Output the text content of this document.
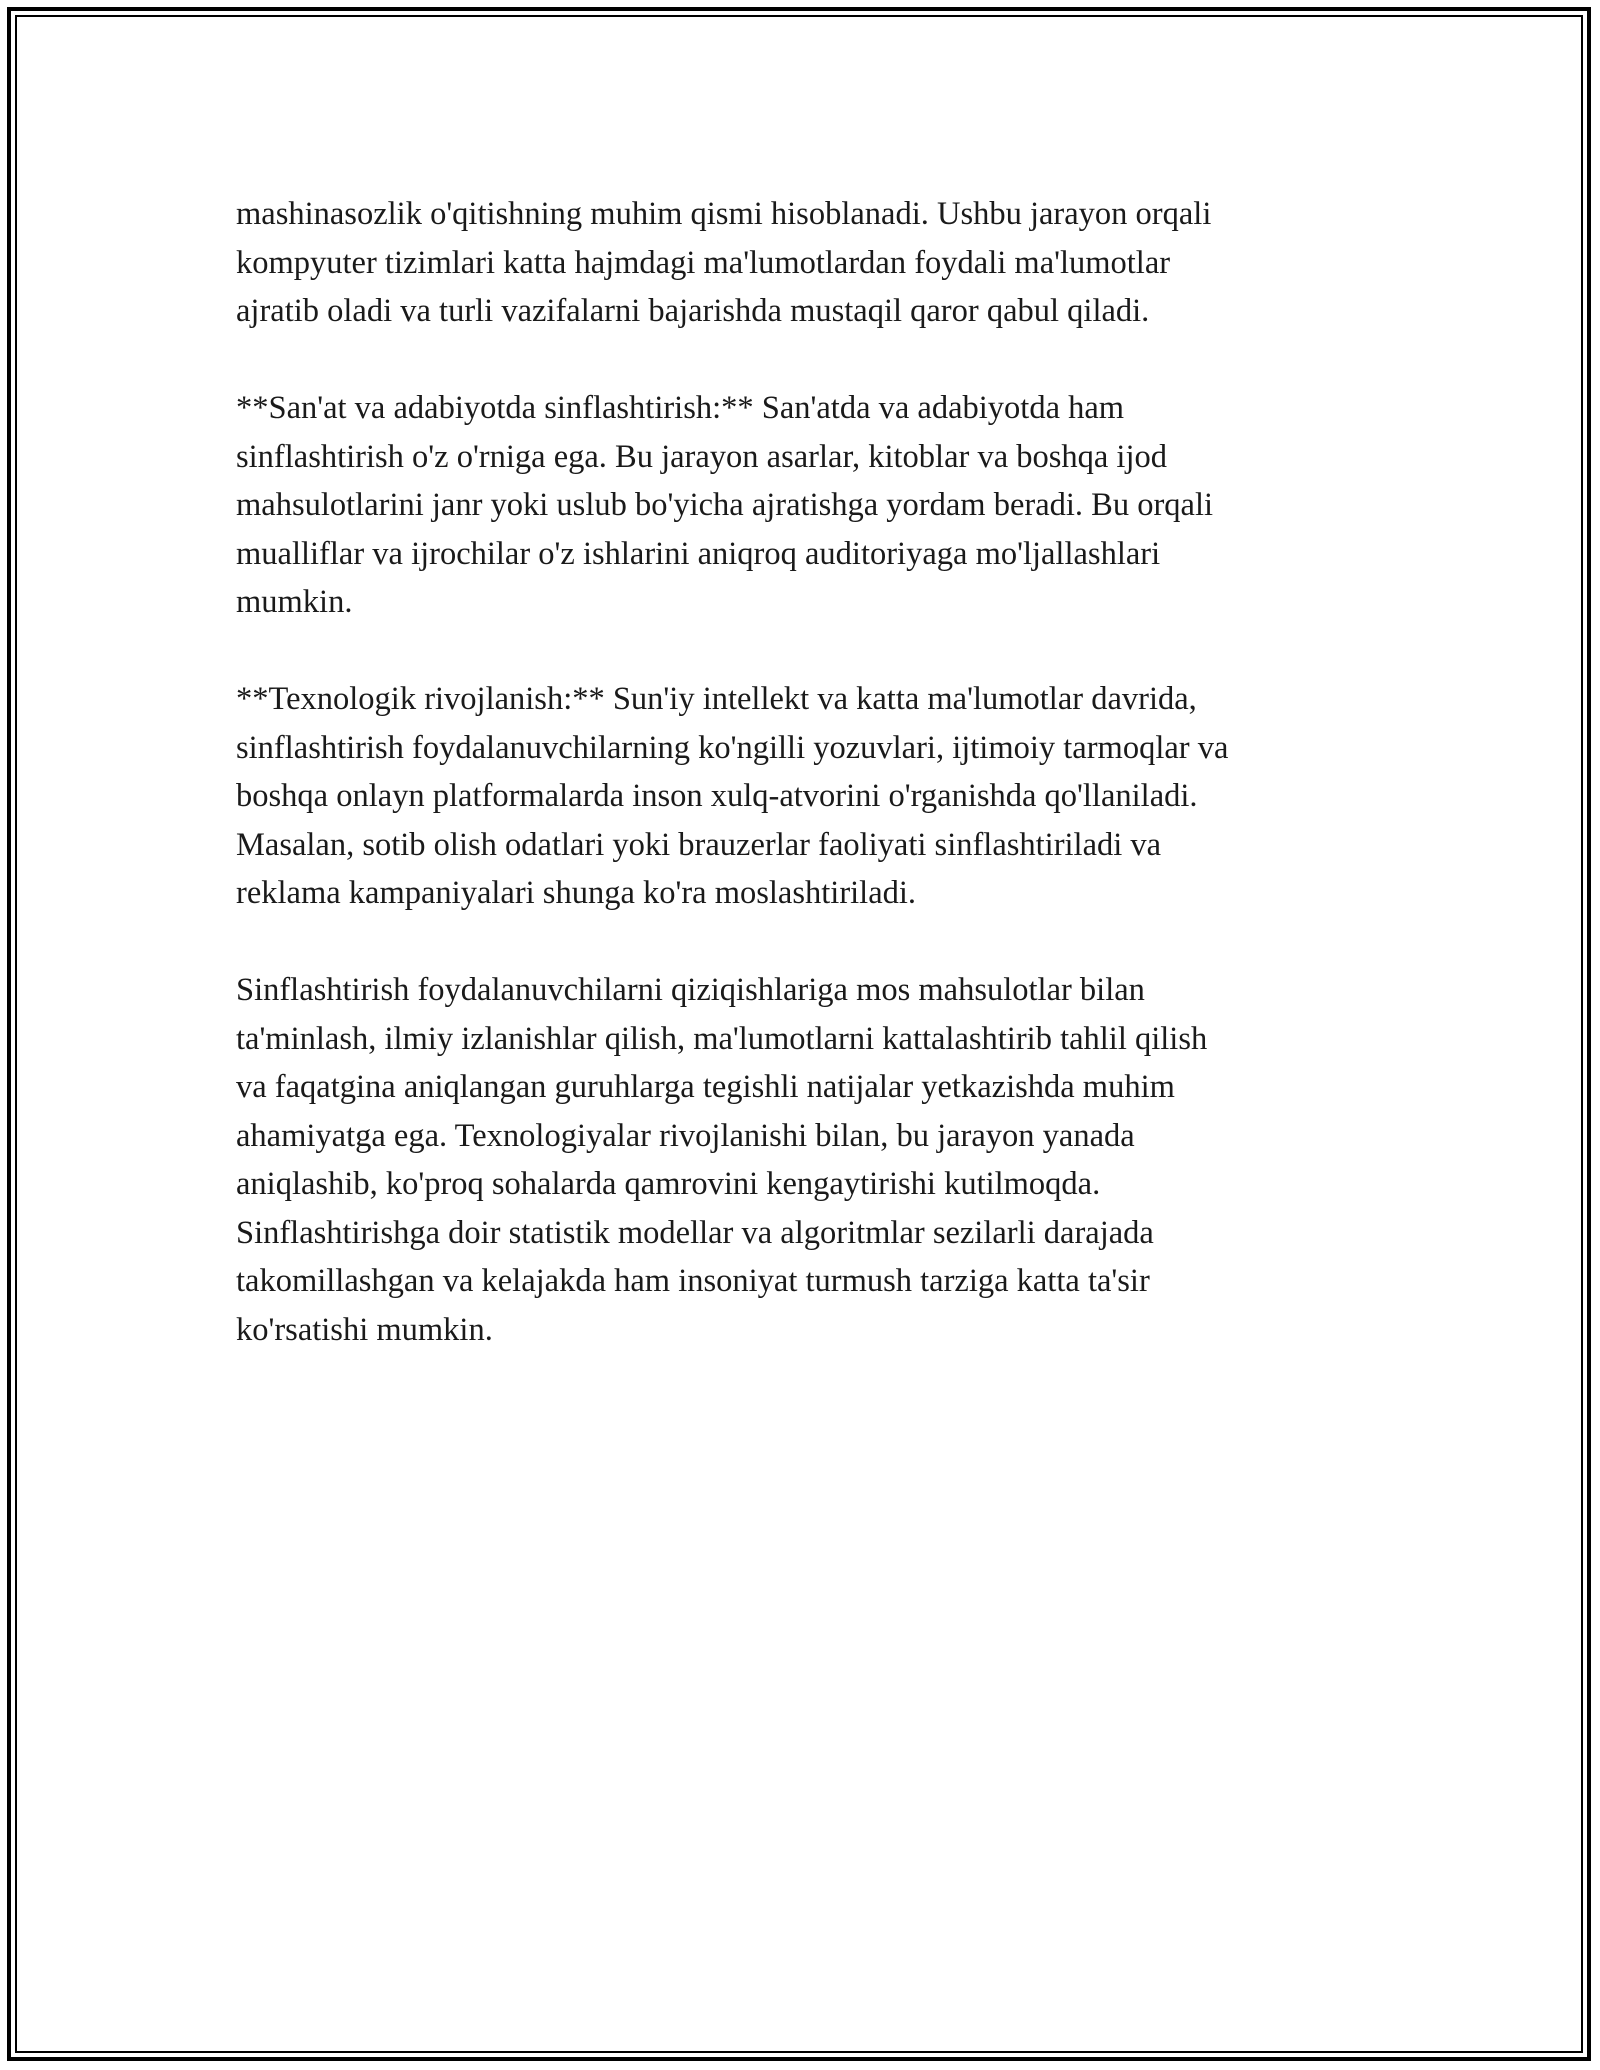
mashinasozlik o'qitishning muhim qismi hisoblanadi. Ushbu jarayon orqali
kompyuter tizimlari katta hajmdagi ma'lumotlardan foydali ma'lumotlar
ajratib oladi va turli vazifalarni bajarishda mustaqil qaror qabul qiladi.

**San'at va adabiyotda sinflashtirish:** San'atda va adabiyotda ham
sinflashtirish o'z o'rniga ega. Bu jarayon asarlar, kitoblar va boshqa ijod
mahsulotlarini janr yoki uslub bo'yicha ajratishga yordam beradi. Bu orqali
mualliflar va ijrochilar o'z ishlarini aniqroq auditoriyaga mo'ljallashlari
mumkin.

**Texnologik rivojlanish:** Sun'iy intellekt va katta ma'lumotlar davrida,
sinflashtirish foydalanuvchilarning ko'ngilli yozuvlari, ijtimoiy tarmoqlar va
boshqa onlayn platformalarda inson xulq-atvorini o'rganishda qo'llaniladi.
Masalan, sotib olish odatlari yoki brauzerlar faoliyati sinflashtiriladi va
reklama kampaniyalari shunga ko'ra moslashtiriladi.

Sinflashtirish foydalanuvchilarni qiziqishlariga mos mahsulotlar bilan
ta'minlash, ilmiy izlanishlar qilish, ma'lumotlarni kattalashtirib tahlil qilish
va faqatgina aniqlangan guruhlarga tegishli natijalar yetkazishda muhim
ahamiyatga ega. Texnologiyalar rivojlanishi bilan, bu jarayon yanada
aniqlashib, ko'proq sohalarda qamrovini kengaytirishi kutilmoqda.
Sinflashtirishga doir statistik modellar va algoritmlar sezilarli darajada
takomillashgan va kelajakda ham insoniyat turmush tarziga katta ta'sir
ko'rsatishi mumkin.
